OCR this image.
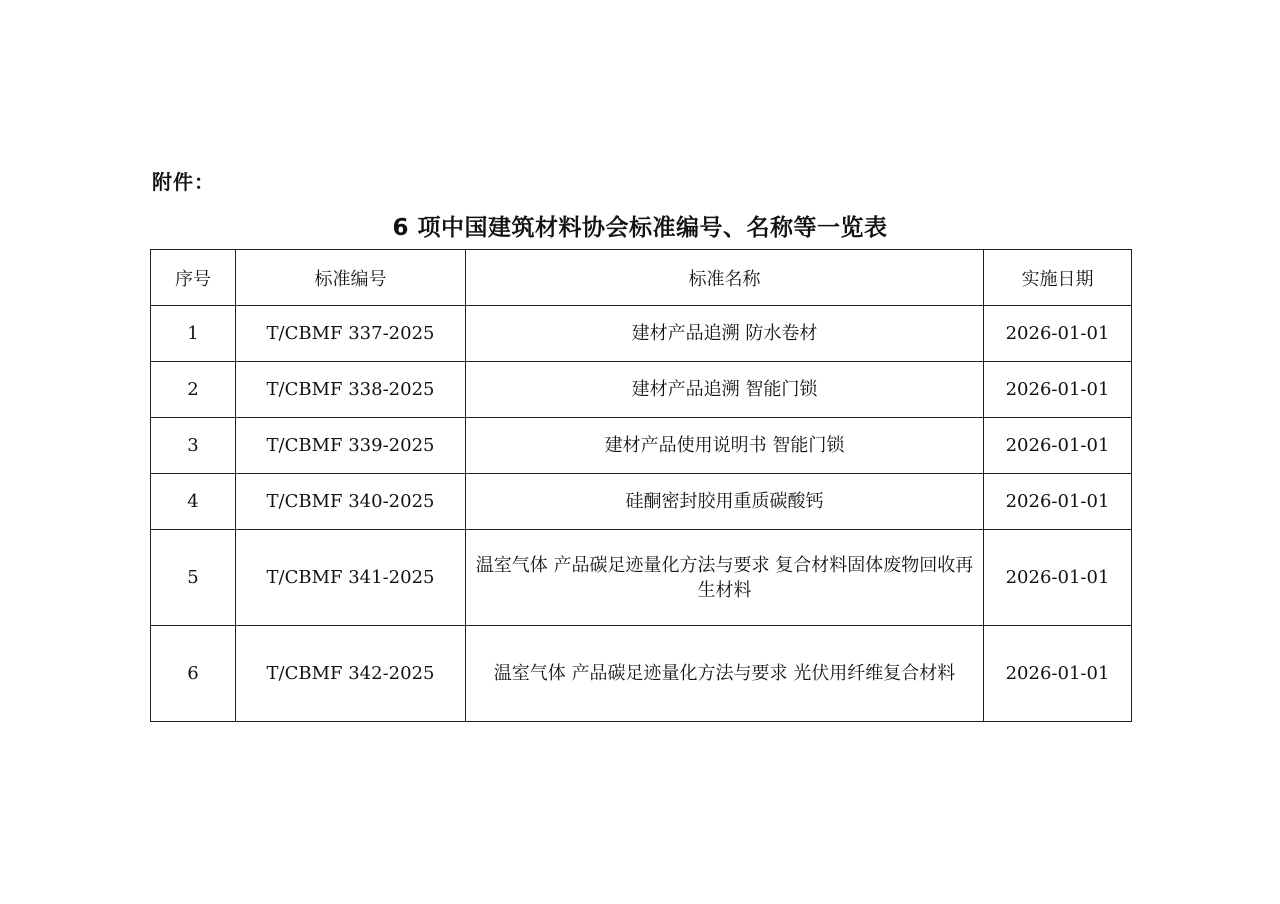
附件：
6 项中国建筑材料协会标准编号、名称等一览表
序号	标准编号	标准名称	实施日期
1	T/CBMF 337-2025	建材产品追溯 防水卷材	2026-01-01
2	T/CBMF 338-2025	建材产品追溯 智能门锁	2026-01-01
3	T/CBMF 339-2025	建材产品使用说明书 智能门锁	2026-01-01
4	T/CBMF 340-2025	硅酮密封胶用重质碳酸钙	2026-01-01
5	T/CBMF 341-2025	温室气体 产品碳足迹量化方法与要求 复合材料固体废物回收再生材料	2026-01-01
6	T/CBMF 342-2025	温室气体 产品碳足迹量化方法与要求 光伏用纤维复合材料	2026-01-01
